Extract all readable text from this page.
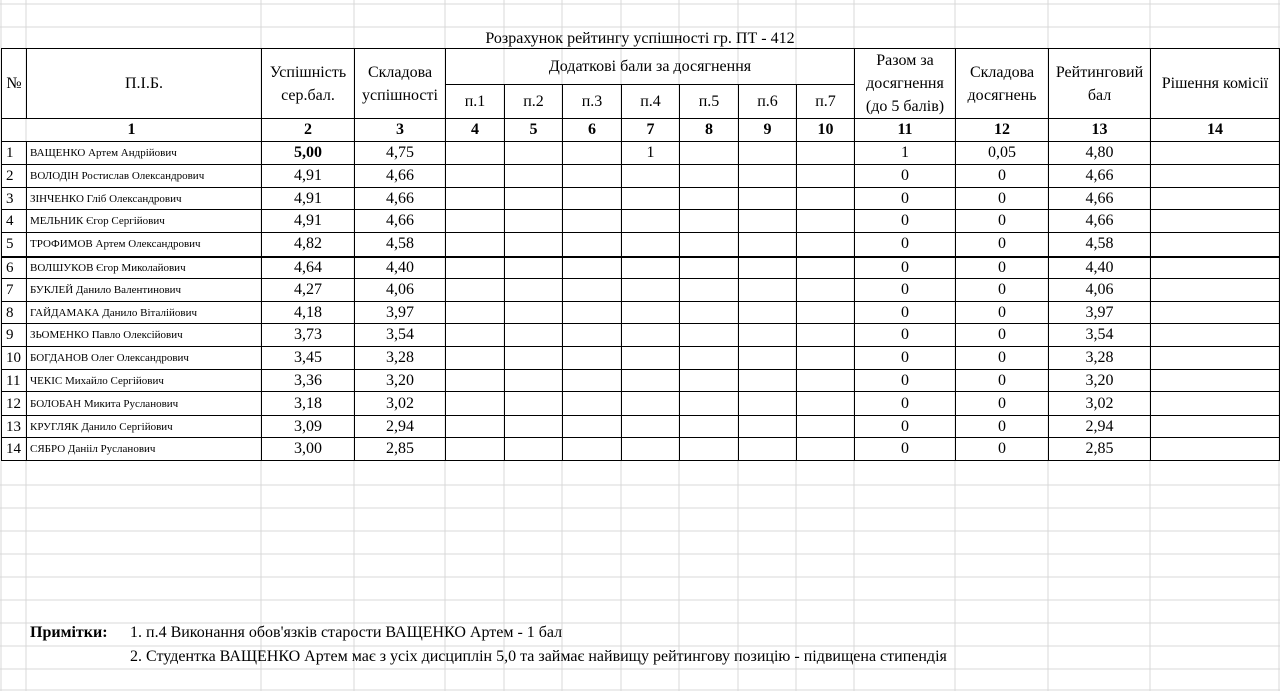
Розрахунок рейтингу успішності гр. ПТ - 412
№	П.І.Б.	Успішність сер.бал.	Складова успішності	Додаткові бали за досягнення							Разом за досягнення (до 5 балів)	Складова досягнень	Рейтинговий бал	Рішення комісії
				п.1	п.2	п.3	п.4	п.5	п.6	п.7				
1		2	3	4	5	6	7	8	9	10	11	12	13	14
1	ВАЩЕНКО Артем Андрійович	5,00	4,75				1				1	0,05	4,80	
2	ВОЛОДІН Ростислав Олександрович	4,91	4,66								0	0	4,66	
3	ЗІНЧЕНКО Гліб Олександрович	4,91	4,66								0	0	4,66	
4	МЕЛЬНИК Єгор Сергійович	4,91	4,66								0	0	4,66	
5	ТРОФИМОВ Артем Олександрович	4,82	4,58								0	0	4,58	
6	ВОЛШУКОВ Єгор Миколайович	4,64	4,40								0	0	4,40	
7	БУКЛЕЙ Данило Валентинович	4,27	4,06								0	0	4,06	
8	ГАЙДАМАКА Данило Віталійович	4,18	3,97								0	0	3,97	
9	ЗЬОМЕНКО Павло Олексійович	3,73	3,54								0	0	3,54	
10	БОГДАНОВ Олег Олександрович	3,45	3,28								0	0	3,28	
11	ЧЕКІС Михайло Сергійович	3,36	3,20								0	0	3,20	
12	БОЛОБАН Микита Русланович	3,18	3,02								0	0	3,02	
13	КРУГЛЯК Данило Сергійович	3,09	2,94								0	0	2,94	
14	СЯБРО Данііл Русланович	3,00	2,85								0	0	2,85	
Примітки: 1. п.4 Виконання обов'язків старости ВАЩЕНКО Артем - 1 бал
2. Студентка ВАЩЕНКО Артем має з усіх дисциплін 5,0 та займає найвищу рейтингову позицію - підвищена стипендія
